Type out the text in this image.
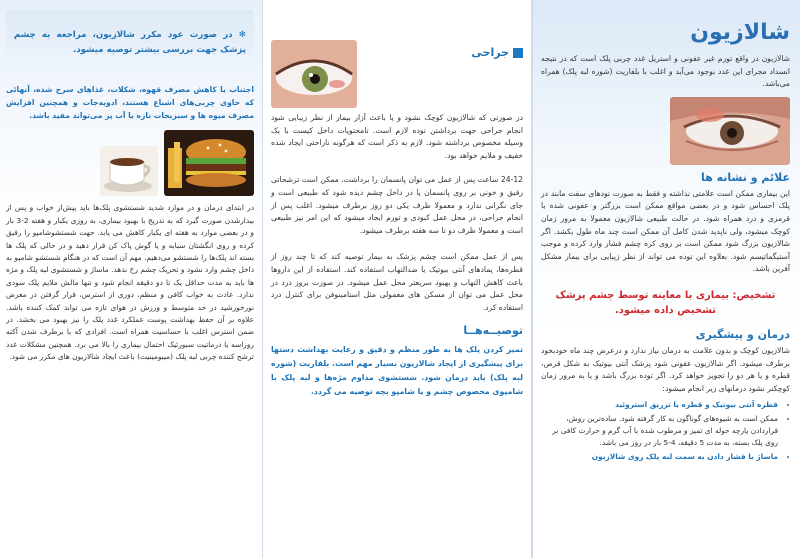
شالازیون

شالازیون در واقع تورم غیر عفونی و استریل غدد چربی پلک است که در نتیجه انسداد مجرای این غدد بوجود می‌آید و اغلب با بلفاریت (شوره لبه پلک) همراه می‌باشد.

علائم و نشانه ها

این بیماری ممکن است علامتی نداشته و فقط به صورت تودهای سفت مانند در پلک احساس شود و در بعضی مواقع ممکن است بزرگتر و عفونی شده یا قرمزی و درد همراه شود. در حالت طبیعی شالازیون معمولا به مرور زمان کوچک میشود، ولی ناپدید شدن کامل آن ممکن است چند ماه طول بکشد. اگر شالازیون بزرگ شود ممکن است بر روی کره چشم فشار وارد کرده و موجب آستیگماتیسم شود. بعلاوه این توده می تواند از نظر زیبایی برای بیمار مشکل آفرین باشد.

تشخیص: بیماری با معاینه توسط چشم پزشک تشخیص داده میشود.
درمان و پیشگیری

شالازیون کوچک و بدون علامت به درمان نیاز ندارد و درعرض چند ماه خودبخود برطرف میشود. اگر شالازیون عفونی شود پزشک آنتی بیوتیک به شکل قرص، قطره و یا هر دو را تجویز خواهد کرد. اگر توده بزرگ باشد و یا به مرور زمان کوچکتر نشود درمانهای زیر انجام میشود:

• قطره آنتی بیوتیک و قطره یا تزریق استروئید
• ممکن است به شیوه‌های گوناگون به کار گرفته شود. ساده‌ترین روش، قراردادن پارچه حوله ای تمیز و مرطوب شده با آب گرم و حرارت کافی بر روی پلک بسته، به مدت 5 دقیقه، 4-5 بار در روز می باشد.
• ماساژ با فشار دادن به سمت لبه پلک روی شالازیون
جراحی

در صورتی که شالازیون کوچک نشود و یا باعث آزار بیمار از نظر زیبایی شود انجام جراحی جهت برداشتن توده لازم است. تامحتویات داخل کیست با یک وسیله مخصوص برداشته شود. لازم به ذکر است که هرگونه ناراحتی ایجاد شده خفیف و ملایم خواهد بود.

24-12 ساعت پس از عمل می توان پانسمان را برداشت. ممکن است ترشحاتی رقیق و خونی بر روی پانسمان یا در داخل چشم دیده شود که طبیعی است و جای نگرانی ندارد و معمولا ظرف یکی دو روز برطرف میشود. اغلب پس از انجام جراحی، در محل عمل کبودی و تورم ایجاد میشود که این امر نیز طبیعی است و معمولا ظرف دو تا سه هفته برطرف میشود.

پس از عمل ممکن است چشم پزشک به بیمار توصیه کند که تا چند روز از قطره‌ها، پمادهای آنتی بیوتیک یا ضدالتهاب استفاده کند. استفاده از این داروها باعث کاهش التهاب و بهبود سریعتر محل عمل میشود. در صورت بروز درد در محل عمل می توان از مسکن های معمولی مثل استامینوفن برای کنترل درد استفاده کرد.

توصیــه‌هــا

تمیز کردن پلک ها به طور منظم و دقیق و رعایت بهداشت دستها برای پیشگیری از ایجاد شالازیون بسیار مهم است. بلفاریت (شوره لبه پلک) باید درمان شود. شستشوی مداوم مژه‌ها و لبه پلک با شامپوی مخصوص چشم و یا شامپو بچه توصیه می گردد.

✻ در صورت عود مکرر شالازیون، مراجعه به چشم پزشک جهت بررسی بیشتر توصیه میشود.

اجتناب یا کاهش مصرف قهوه، شکلات، غذاهای سرخ شده، آنهائی که حاوی چربی‌های اشباع هستند، ادویه‌جات و همچنین افزایش مصرف میوه ها و سبزیجات تازه یا آب پز می‌تواند مفید باشد.

در ابتدای درمان و در موارد شدید شستشوی پلک‌ها باید پیش‌از خواب و پس از بیدارشدن صورت گیرد که به تدریج با بهبود بیماری، به روزی یکبار و هفته 2-3 بار و در بعضی موارد به هفته ای یکبار کاهش می یابد. جهت شستشوشامپو را رقیق کرده و روی انگشتان سبابه و یا گوش پاک کن قرار دهید و در حالی که پلک ها بسته اند پلک‌ها را شستشو می‌دهیم. مهم آن است که در هنگام شستشو شامپو به داخل چشم وارد نشود و تحریک چشم رخ ندهد. ماساژ و شستشوی لبه پلک و مژه ها باید به مدت حداقل یک تا دو دقیقه انجام شود و تنها مالش ملایم پلک سودی ندارد. عادت به خواب کافی و منظم، دوری از استرس، قرار گرفتن در معرض نورخورشید در حد متوسط و ورزش در هوای تازه می تواند کمک کننده باشد. علاوه بر آن حفظ بهداشت پوست عملکرد غدد پلک را نیز بهبود می بخشد. در ضمن استرس اغلب با حساسیت همراه است. افرادی که با برطرف شدن آکنه روزاسه یا درماتیت سبورئیک احتمال بیماری را بالا می برد. همچنین مشکلات غدد ترشح کننده چربی لبه پلک (میبومینیت) باعث ایجاد شالازیون های مکرر می شود.
